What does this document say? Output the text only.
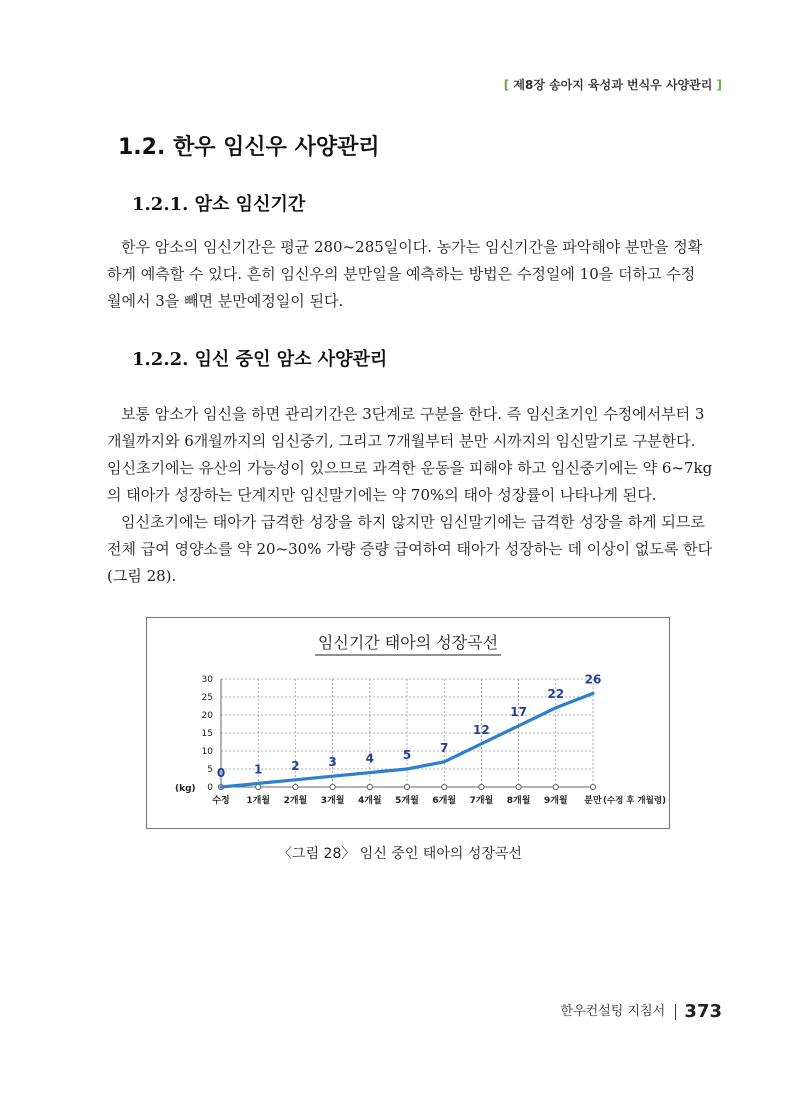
[ 제8장 송아지 육성과 번식우 사양관리 ]
1.2. 한우 임신우 사양관리
1.2.1. 암소 임신기간

한우 암소의 임신기간은 평균 280~285일이다. 농가는 임신기간을 파악해야 분만을 정확
하게 예측할 수 있다. 흔히 임신우의 분만일을 예측하는 방법은 수정일에 10을 더하고 수정
월에서 3을 빼면 분만예정일이 된다.

1.2.2. 임신 중인 암소 사양관리

보통 암소가 임신을 하면 관리기간은 3단계로 구분을 한다. 즉 임신초기인 수정에서부터 3
개월까지와 6개월까지의 임신중기, 그리고 7개월부터 분만 시까지의 임신말기로 구분한다.
임신초기에는 유산의 가능성이 있으므로 과격한 운동을 피해야 하고 임신중기에는 약 6~7kg
의 태아가 성장하는 단계지만 임신말기에는 약 70%의 태아 성장률이 나타나게 된다.

임신초기에는 태아가 급격한 성장을 하지 않지만 임신말기에는 급격한 성장을 하게 되므로
전체 급여 영양소를 약 20~30% 가량 증량 급여하여 태아가 성장하는 데 이상이 없도록 한다
(그림 28).

임신기간 태아의 성장곡선
0
5
10
15
20
25
30
(kg)
수정 1개월 2개월 3개월 4개월 5개월 6개월 7개월 8개월 9개월 분만 (수정 후 개월령)
0 1 2 3 4 5
7
12
17
22
26
〈그림 28〉 임신 중인 태아의 성장곡선
한우컨설팅 지침서 373
